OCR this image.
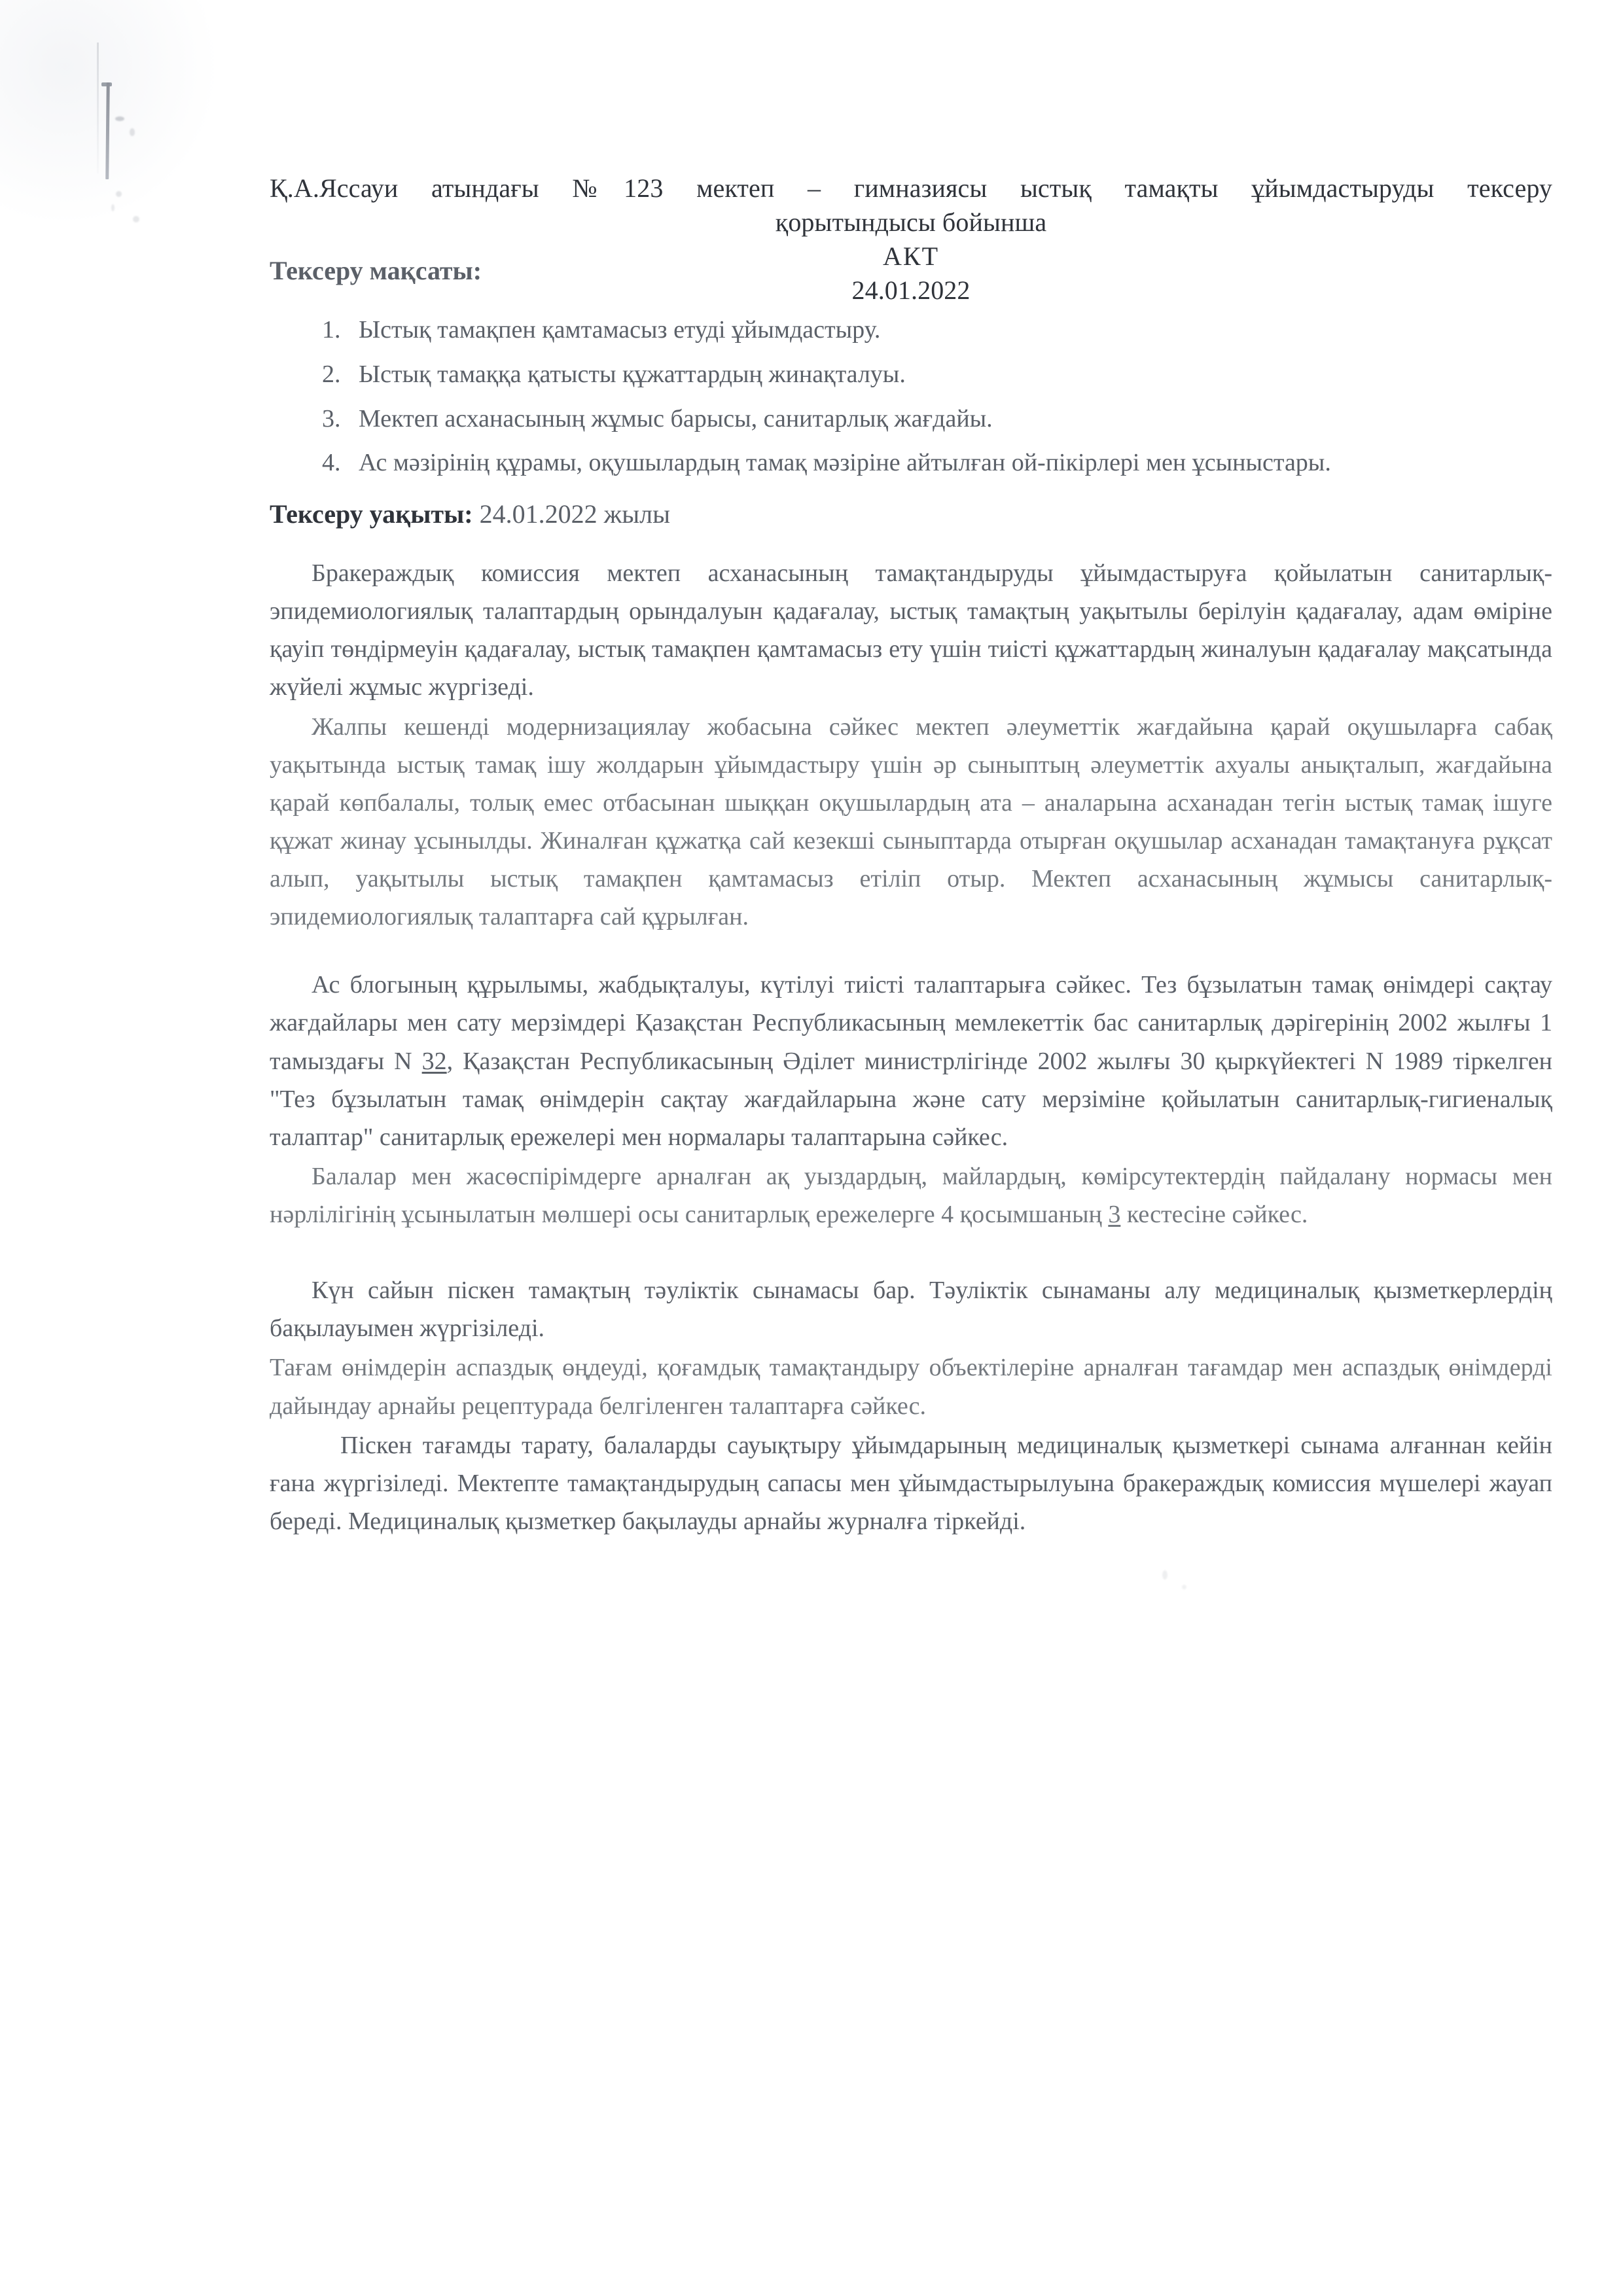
Қ.А.Яссауи атындағы №123 мектеп – гимназиясы ыстық тамақты ұйымдастыруды тексеру
қорытындысы бойынша
АКТ
24.01.2022

Тексеру мақсаты:

1. Ыстық тамақпен қамтамасыз етуді ұйымдастыру.
2. Ыстық тамаққа қатысты құжаттардың жинақталуы.
3. Мектеп асханасының жұмыс барысы, санитарлық жағдайы.
4. Ас мәзірінің құрамы, оқушылардың тамақ мәзіріне айтылған ой-пікірлері мен ұсыныстары.

Тексеру уақыты: 24.01.2022 жылы

Бракераждық комиссия мектеп асханасының тамақтандыруды ұйымдастыруға қойылатын санитарлық-эпидемиологиялық талаптардың орындалуын қадағалау, ыстық тамақтың уақытылы берілуін қадағалау, адам өміріне қауіп төндірмеуін қадағалау, ыстық тамақпен қамтамасыз ету үшін тиісті құжаттардың жиналуын қадағалау мақсатында жүйелі жұмыс жүргізеді.

Жалпы кешенді модернизациялау жобасына сәйкес мектеп әлеуметтік жағдайына қарай оқушыларға сабақ уақытында ыстық тамақ ішу жолдарын ұйымдастыру үшін әр сыныптың әлеуметтік ахуалы анықталып, жағдайына қарай көпбалалы, толық емес отбасынан шыққан оқушылардың ата – аналарына асханадан тегін ыстық тамақ ішуге құжат жинау ұсынылды. Жиналған құжатқа сай кезекші сыныптарда отырған оқушылар асханадан тамақтануға рұқсат алып, уақытылы ыстық тамақпен қамтамасыз етіліп отыр. Мектеп асханасының жұмысы санитарлық-эпидемиологиялық талаптарға сай құрылған.

Ас блогының құрылымы, жабдықталуы, күтілуі тиісті талаптарыға сәйкес. Тез бұзылатын тамақ өнімдері сақтау жағдайлары мен сату мерзімдері Қазақстан Республикасының мемлекеттік бас санитарлық дәрігерінің 2002 жылғы 1 тамыздағы N 32, Қазақстан Республикасының Әділет министрлігінде 2002 жылғы 30 қыркүйектегі N 1989 тіркелген "Тез бұзылатын тамақ өнімдерін сақтау жағдайларына және сату мерзіміне қойылатын санитарлық-гигиеналық талаптар" санитарлық ережелері мен нормалары талаптарына сәйкес.

Балалар мен жасөспірімдерге арналған ақ уыздардың, майлардың, көмірсутектердің пайдалану нормасы мен нәрлілігінің ұсынылатын мөлшері осы санитарлық ережелерге 4 қосымшаның 3 кестесіне сәйкес.

Күн сайын піскен тамақтың тәуліктік сынамасы бар. Тәуліктік сынаманы алу медициналық қызметкерлердің бақылауымен жүргізіледі.

Тағам өнімдерін аспаздық өңдеуді, қоғамдық тамақтандыру объектілеріне арналған тағамдар мен аспаздық өнімдерді дайындау арнайы рецептурада белгіленген талаптарға сәйкес.

Піскен тағамды тарату, балаларды сауықтыру ұйымдарының медициналық қызметкері сынама алғаннан кейін ғана жүргізіледі. Мектепте тамақтандырудың сапасы мен ұйымдастырылуына бракераждық комиссия мүшелері жауап береді. Медициналық қызметкер бақылауды арнайы журналға тіркейді.
